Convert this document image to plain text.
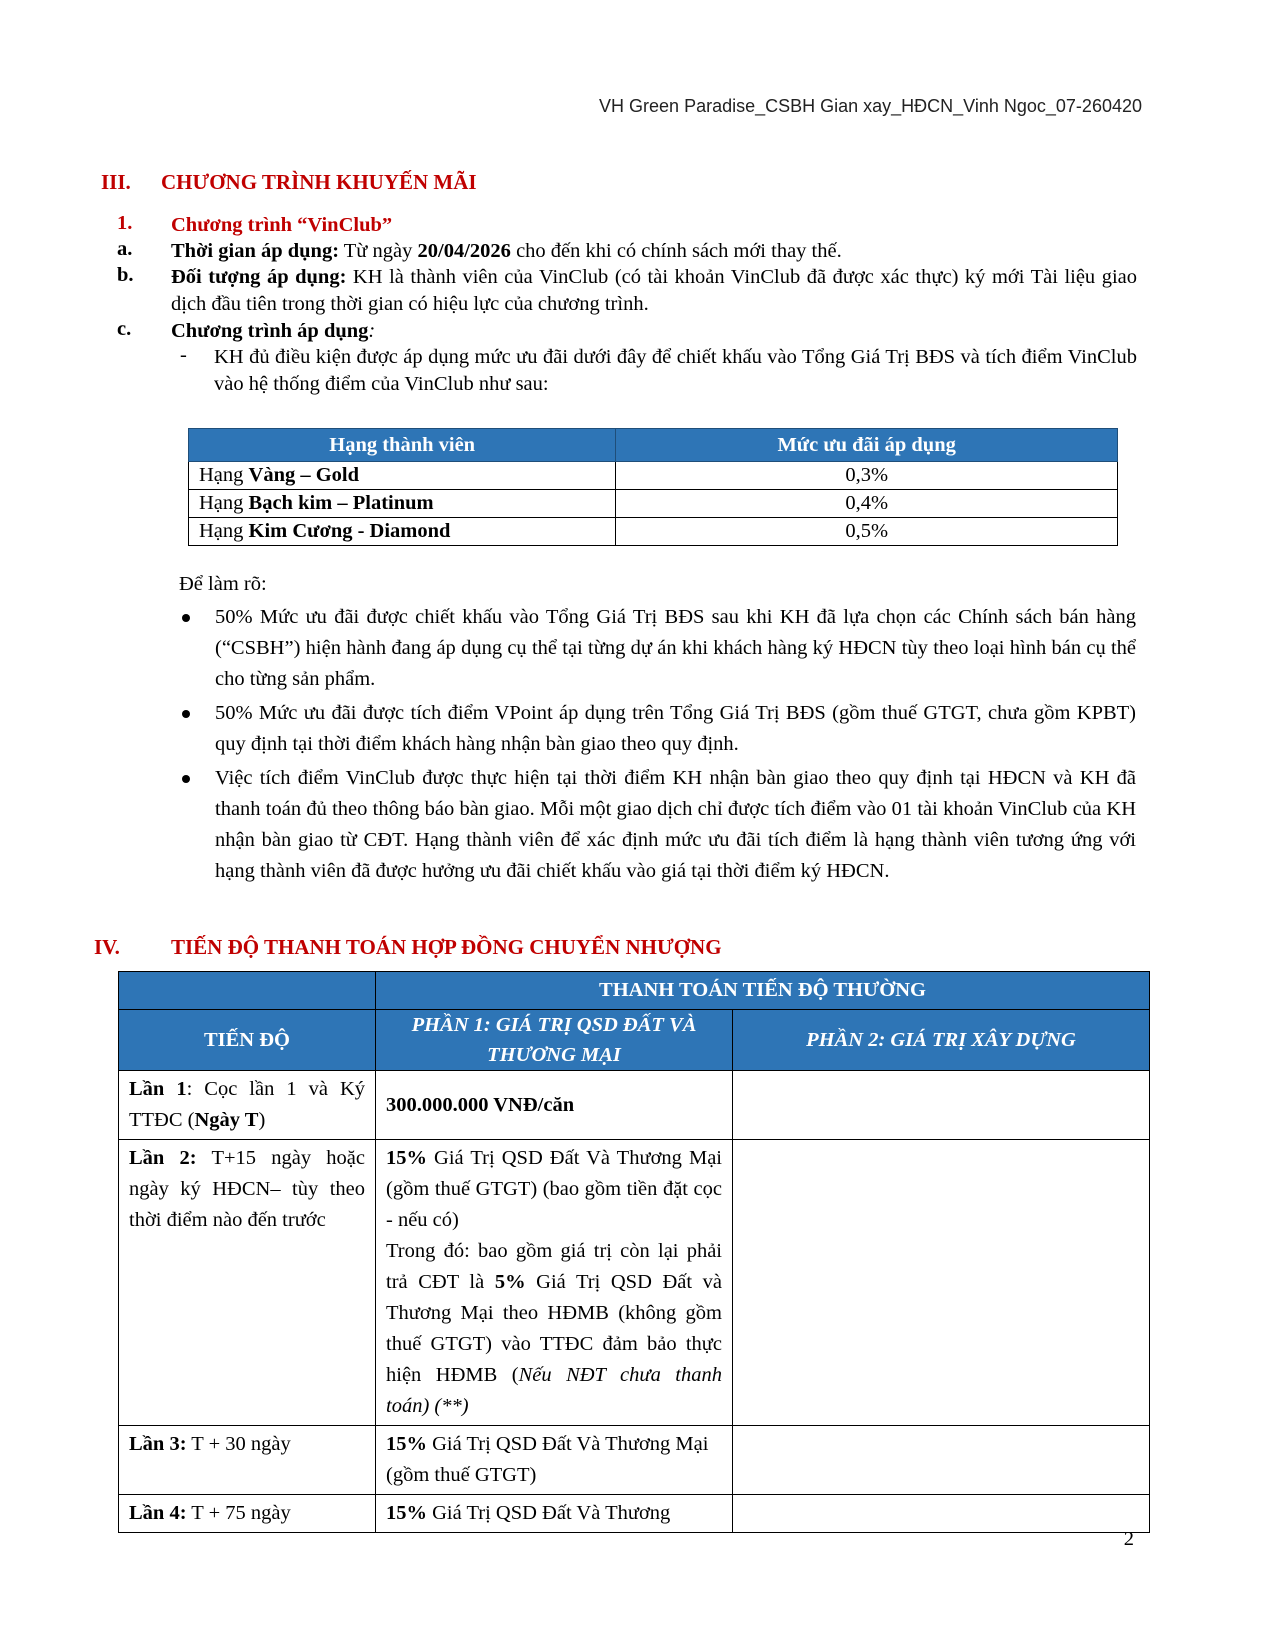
VH Green Paradise_CSBH Gian xay_HĐCN_Vinh Ngoc_07-260420
III. CHƯƠNG TRÌNH KHUYẾN MÃI
1. Chương trình “VinClub”
a. Thời gian áp dụng: Từ ngày 20/04/2026 cho đến khi có chính sách mới thay thế.
b. Đối tượng áp dụng: KH là thành viên của VinClub (có tài khoản VinClub đã được xác thực) ký mới Tài liệu giao dịch đầu tiên trong thời gian có hiệu lực của chương trình.
c. Chương trình áp dụng:
- KH đủ điều kiện được áp dụng mức ưu đãi dưới đây để chiết khấu vào Tổng Giá Trị BĐS và tích điểm VinClub vào hệ thống điểm của VinClub như sau:
Hạng thành viên	Mức ưu đãi áp dụng
Hạng Vàng – Gold	0,3%
Hạng Bạch kim – Platinum	0,4%
Hạng Kim Cương - Diamond	0,5%
Để làm rõ:
50% Mức ưu đãi được chiết khấu vào Tổng Giá Trị BĐS sau khi KH đã lựa chọn các Chính sách bán hàng (“CSBH”) hiện hành đang áp dụng cụ thể tại từng dự án khi khách hàng ký HĐCN tùy theo loại hình bán cụ thể cho từng sản phẩm.
50% Mức ưu đãi được tích điểm VPoint áp dụng trên Tổng Giá Trị BĐS (gồm thuế GTGT, chưa gồm KPBT) quy định tại thời điểm khách hàng nhận bàn giao theo quy định.
Việc tích điểm VinClub được thực hiện tại thời điểm KH nhận bàn giao theo quy định tại HĐCN và KH đã thanh toán đủ theo thông báo bàn giao. Mỗi một giao dịch chỉ được tích điểm vào 01 tài khoản VinClub của KH nhận bàn giao từ CĐT. Hạng thành viên để xác định mức ưu đãi tích điểm là hạng thành viên tương ứng với hạng thành viên đã được hưởng ưu đãi chiết khấu vào giá tại thời điểm ký HĐCN.
IV. TIẾN ĐỘ THANH TOÁN HỢP ĐỒNG CHUYỂN NHƯỢNG
	THANH TOÁN TIẾN ĐỘ THƯỜNG	
TIẾN ĐỘ	PHẦN 1: GIÁ TRỊ QSD ĐẤT VÀ THƯƠNG MẠI	PHẦN 2: GIÁ TRỊ XÂY DỰNG
Lần 1: Cọc lần 1 và Ký TTĐC (Ngày T)	300.000.000 VNĐ/căn	
Lần 2: T+15 ngày hoặc ngày ký HĐCN– tùy theo thời điểm nào đến trước	15% Giá Trị QSD Đất Và Thương Mại (gồm thuế GTGT) (bao gồm tiền đặt cọc - nếu có)
Trong đó: bao gồm giá trị còn lại phải trả CĐT là 5% Giá Trị QSD Đất và Thương Mại theo HĐMB (không gồm thuế GTGT) vào TTĐC đảm bảo thực hiện HĐMB (Nếu NĐT chưa thanh toán) (**)	

Lần 3: T + 30 ngày	15% Giá Trị QSD Đất Và Thương Mại (gồm thuế GTGT)	
Lần 4: T + 75 ngày	15% Giá Trị QSD Đất Và Thương	
2
